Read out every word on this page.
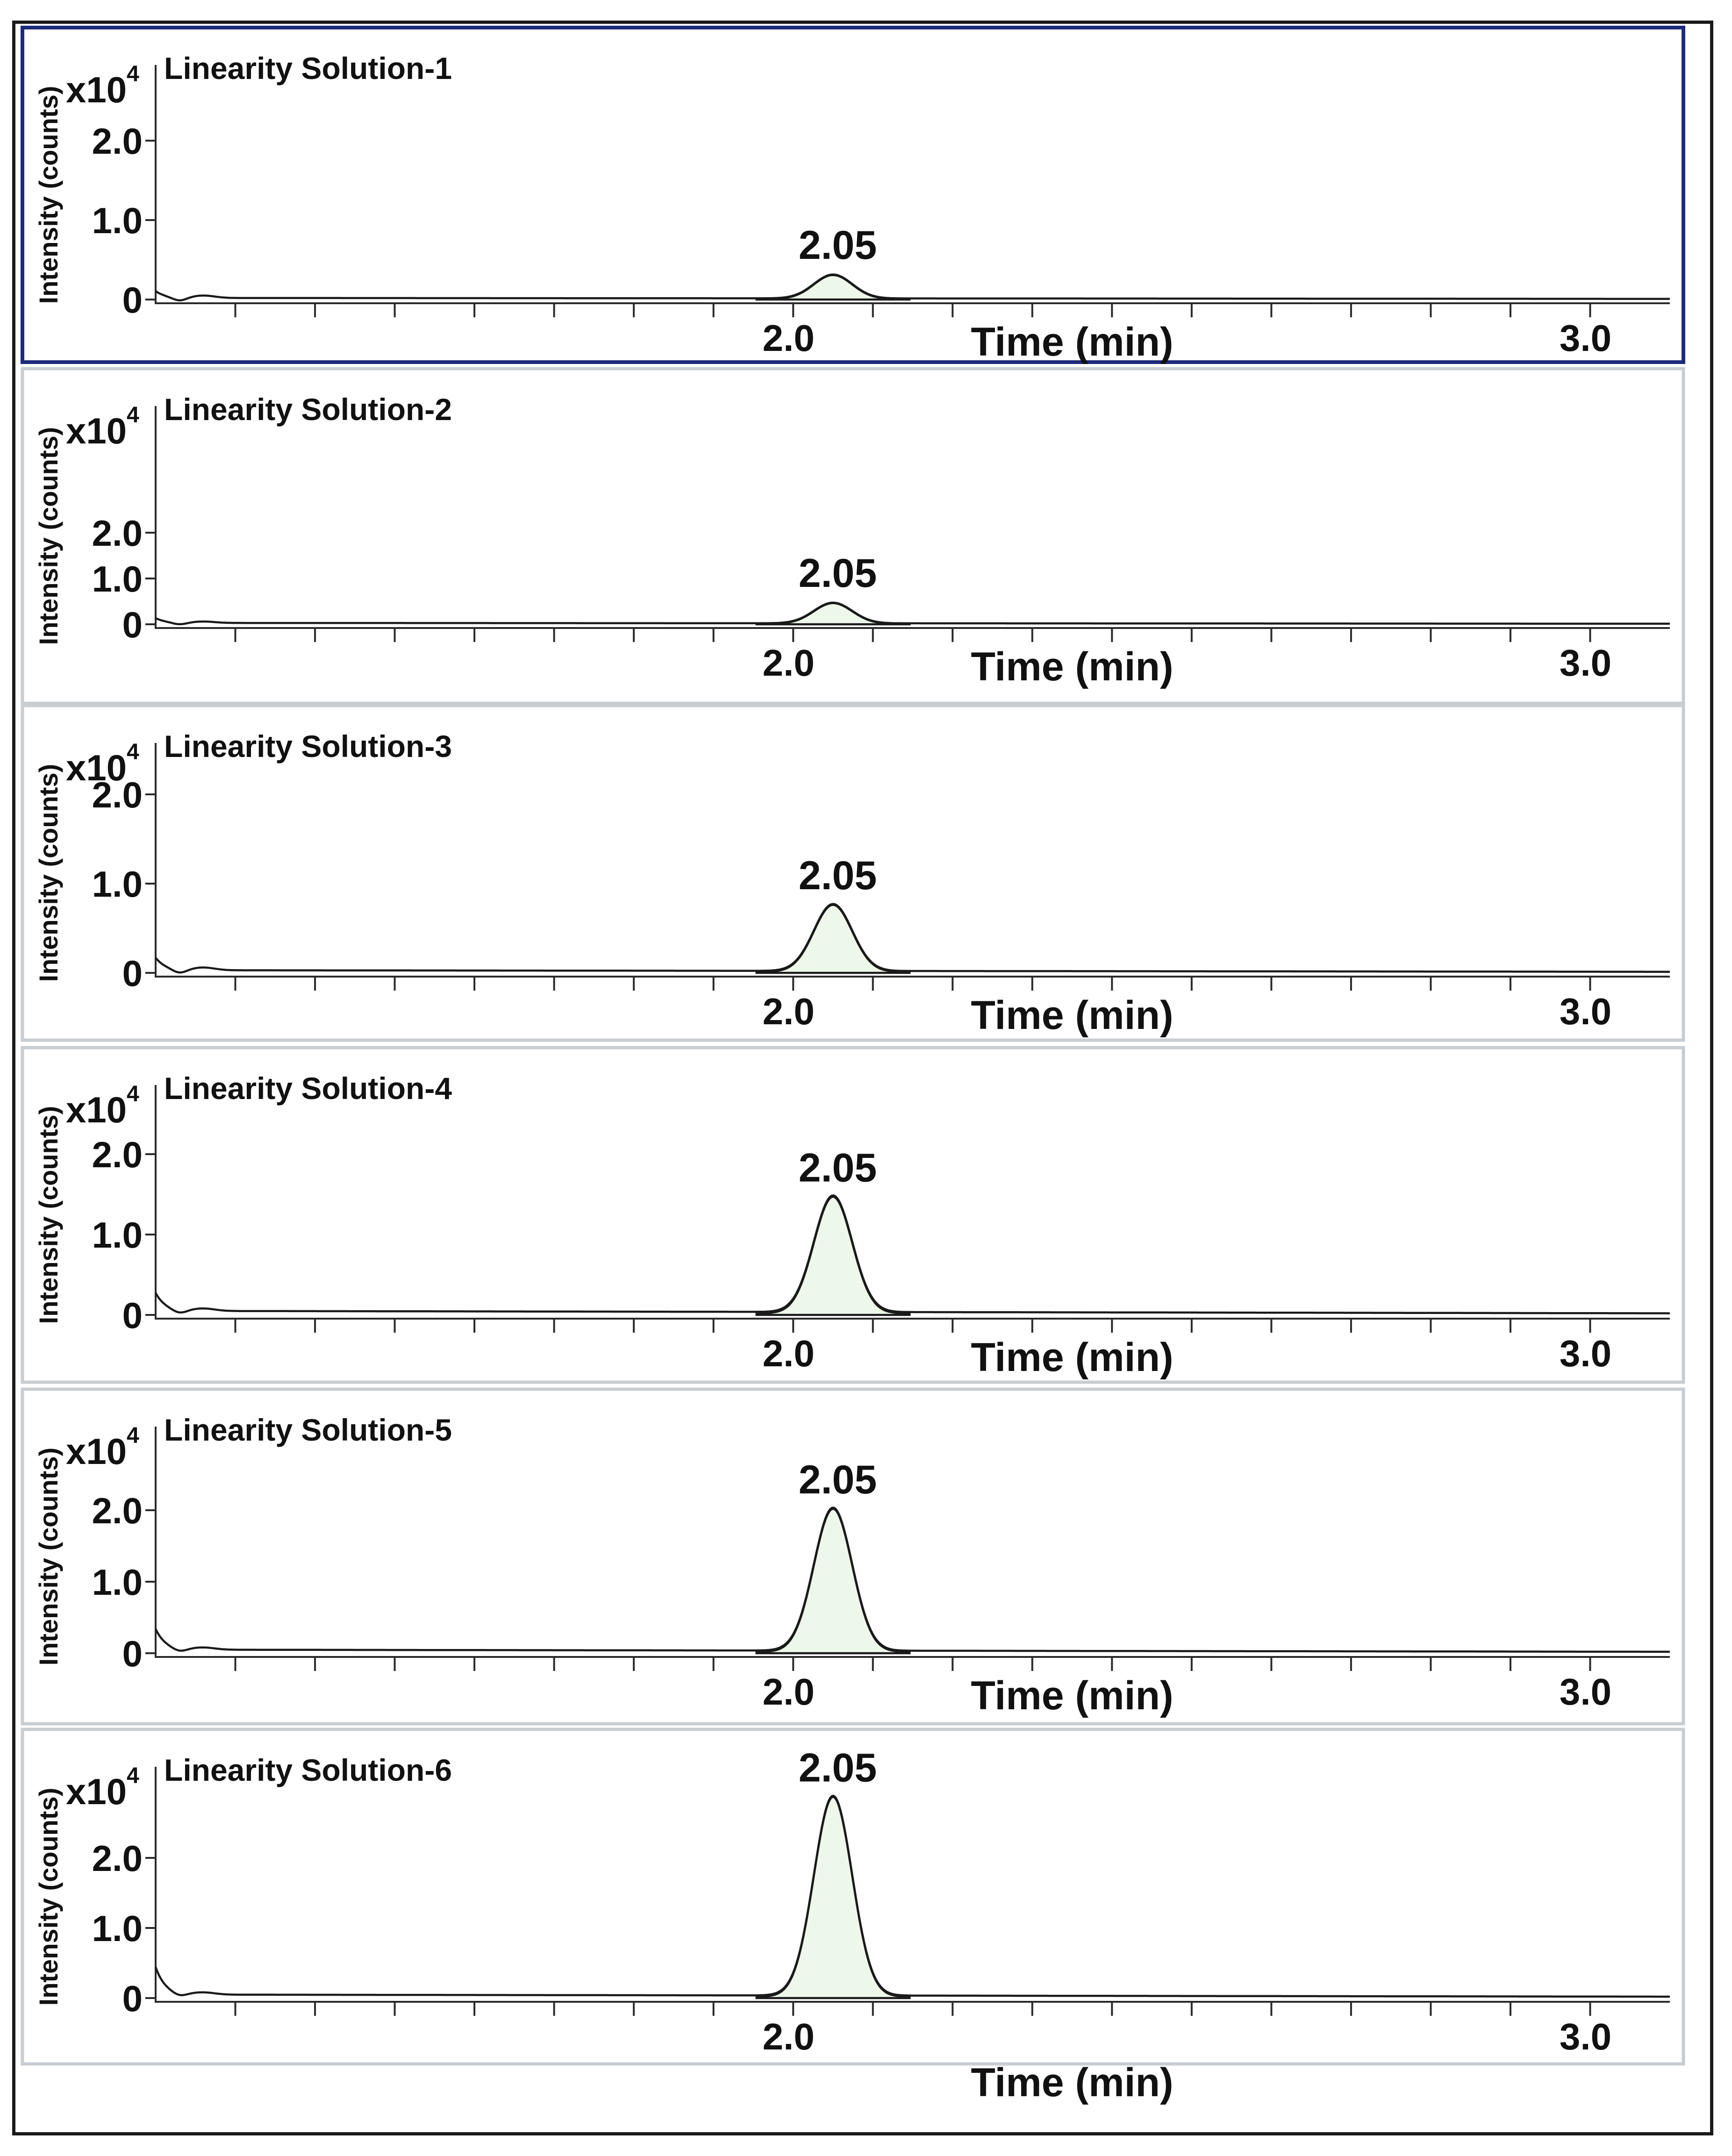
Linearity Solution-1
x10 4
Intensity (counts) 0
1.0
2.0
2.0	3.0
Time (min)
2.05
Linearity Solution-2
x10 4
Intensity (counts) 0
1.0
2.0
2.0	3.0
Time (min)
2.05
Linearity Solution-3
x10 4
Intensity (counts) 0
1.0
2.0
2.0	3.0
Time (min)
2.05
Linearity Solution-4
x10 4
Intensity (counts) 0
1.0
2.0
2.0	3.0
Time (min)
2.05
Linearity Solution-5
x10 4
Intensity (counts) 0
1.0
2.0
2.0	3.0
Time (min)
2.05
Linearity Solution-6
x10 4
Intensity (counts) 0
1.0
2.0
2.0	3.0
Time (min)
2.05
